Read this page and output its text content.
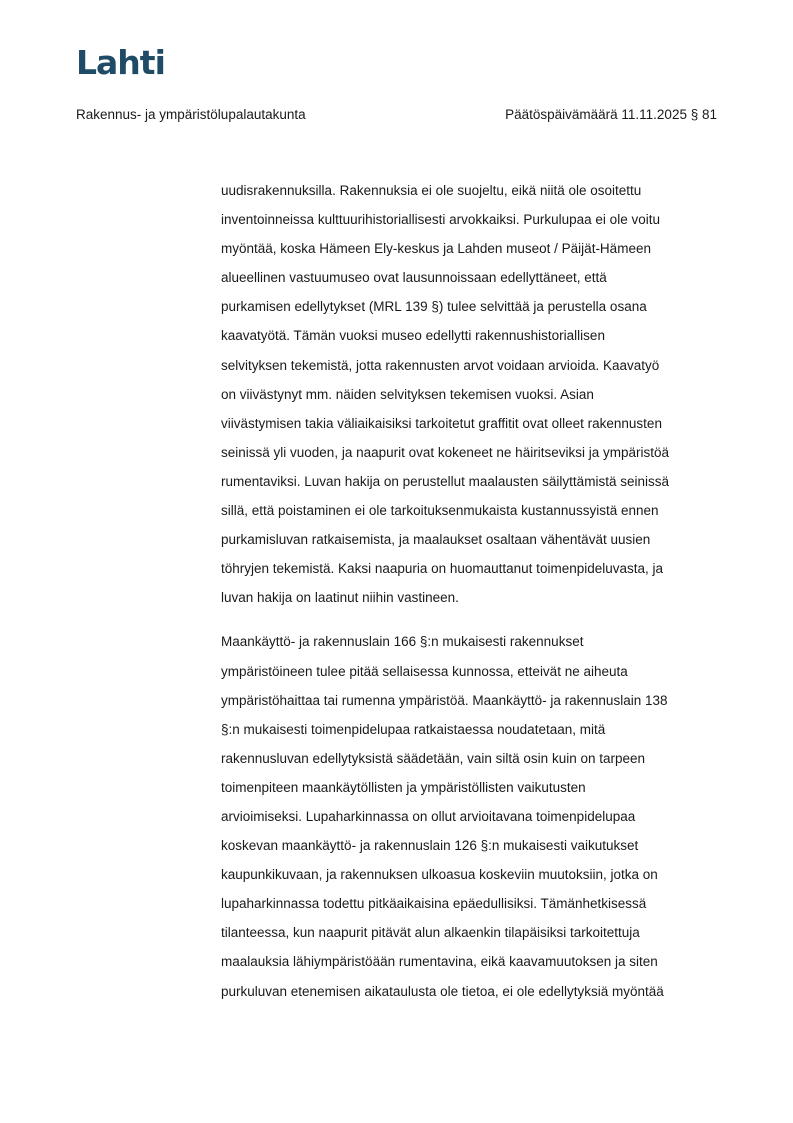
Lahti
Rakennus- ja ympäristölupalautakunta	Päätöspäivämäärä 11.11.2025 § 81
uudisrakennuksilla. Rakennuksia ei ole suojeltu, eikä niitä ole osoitettu
inventoinneissa kulttuurihistoriallisesti arvokkaiksi. Purkulupaa ei ole voitu
myöntää, koska Hämeen Ely-keskus ja Lahden museot / Päijät-Hämeen
alueellinen vastuumuseo ovat lausunnoissaan edellyttäneet, että
purkamisen edellytykset (MRL 139 §) tulee selvittää ja perustella osana
kaavatyötä. Tämän vuoksi museo edellytti rakennushistoriallisen
selvityksen tekemistä, jotta rakennusten arvot voidaan arvioida. Kaavatyö
on viivästynyt mm. näiden selvityksen tekemisen vuoksi. Asian
viivästymisen takia väliaikaisiksi tarkoitetut graffitit ovat olleet rakennusten
seinissä yli vuoden, ja naapurit ovat kokeneet ne häiritseviksi ja ympäristöä
rumentaviksi. Luvan hakija on perustellut maalausten säilyttämistä seinissä
sillä, että poistaminen ei ole tarkoituksenmukaista kustannussyistä ennen
purkamisluvan ratkaisemista, ja maalaukset osaltaan vähentävät uusien
töhryjen tekemistä. Kaksi naapuria on huomauttanut toimenpideluvasta, ja
luvan hakija on laatinut niihin vastineen.
Maankäyttö- ja rakennuslain 166 §:n mukaisesti rakennukset
ympäristöineen tulee pitää sellaisessa kunnossa, etteivät ne aiheuta
ympäristöhaittaa tai rumenna ympäristöä. Maankäyttö- ja rakennuslain 138
§:n mukaisesti toimenpidelupaa ratkaistaessa noudatetaan, mitä
rakennusluvan edellytyksistä säädetään, vain siltä osin kuin on tarpeen
toimenpiteen maankäytöllisten ja ympäristöllisten vaikutusten
arvioimiseksi. Lupaharkinnassa on ollut arvioitavana toimenpidelupaa
koskevan maankäyttö- ja rakennuslain 126 §:n mukaisesti vaikutukset
kaupunkikuvaan, ja rakennuksen ulkoasua koskeviin muutoksiin, jotka on
lupaharkinnassa todettu pitkäaikaisina epäedullisiksi. Tämänhetkisessä
tilanteessa, kun naapurit pitävät alun alkaenkin tilapäisiksi tarkoitettuja
maalauksia lähiympäristöään rumentavina, eikä kaavamuutoksen ja siten
purkuluvan etenemisen aikataulusta ole tietoa, ei ole edellytyksiä myöntää
